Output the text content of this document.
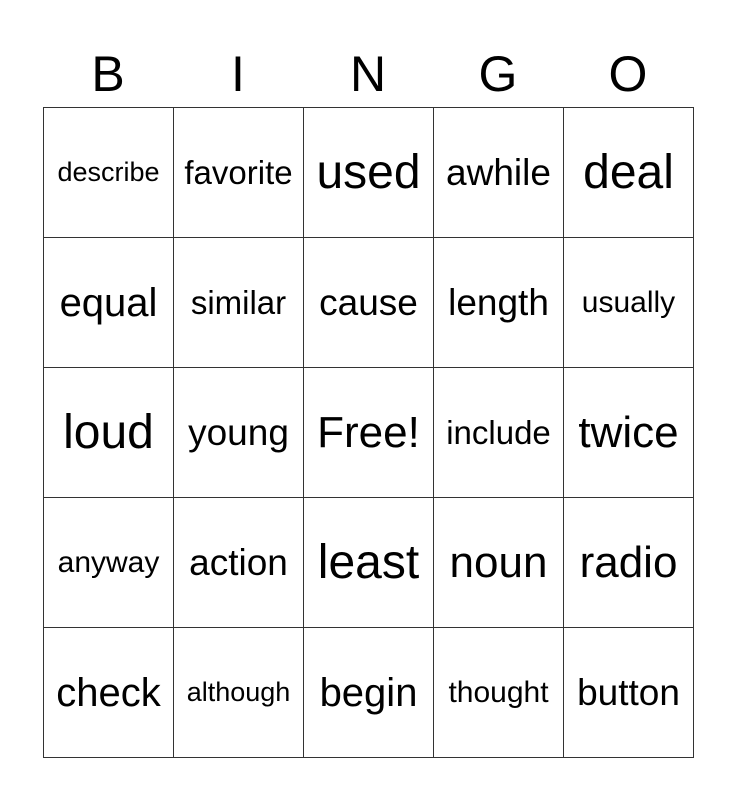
B	I	N	G	O
describe favorite used awhile deal
equal	similar cause length	usually
loud young Free! include twice
anyway action least noun radio
check although begin	thought button
